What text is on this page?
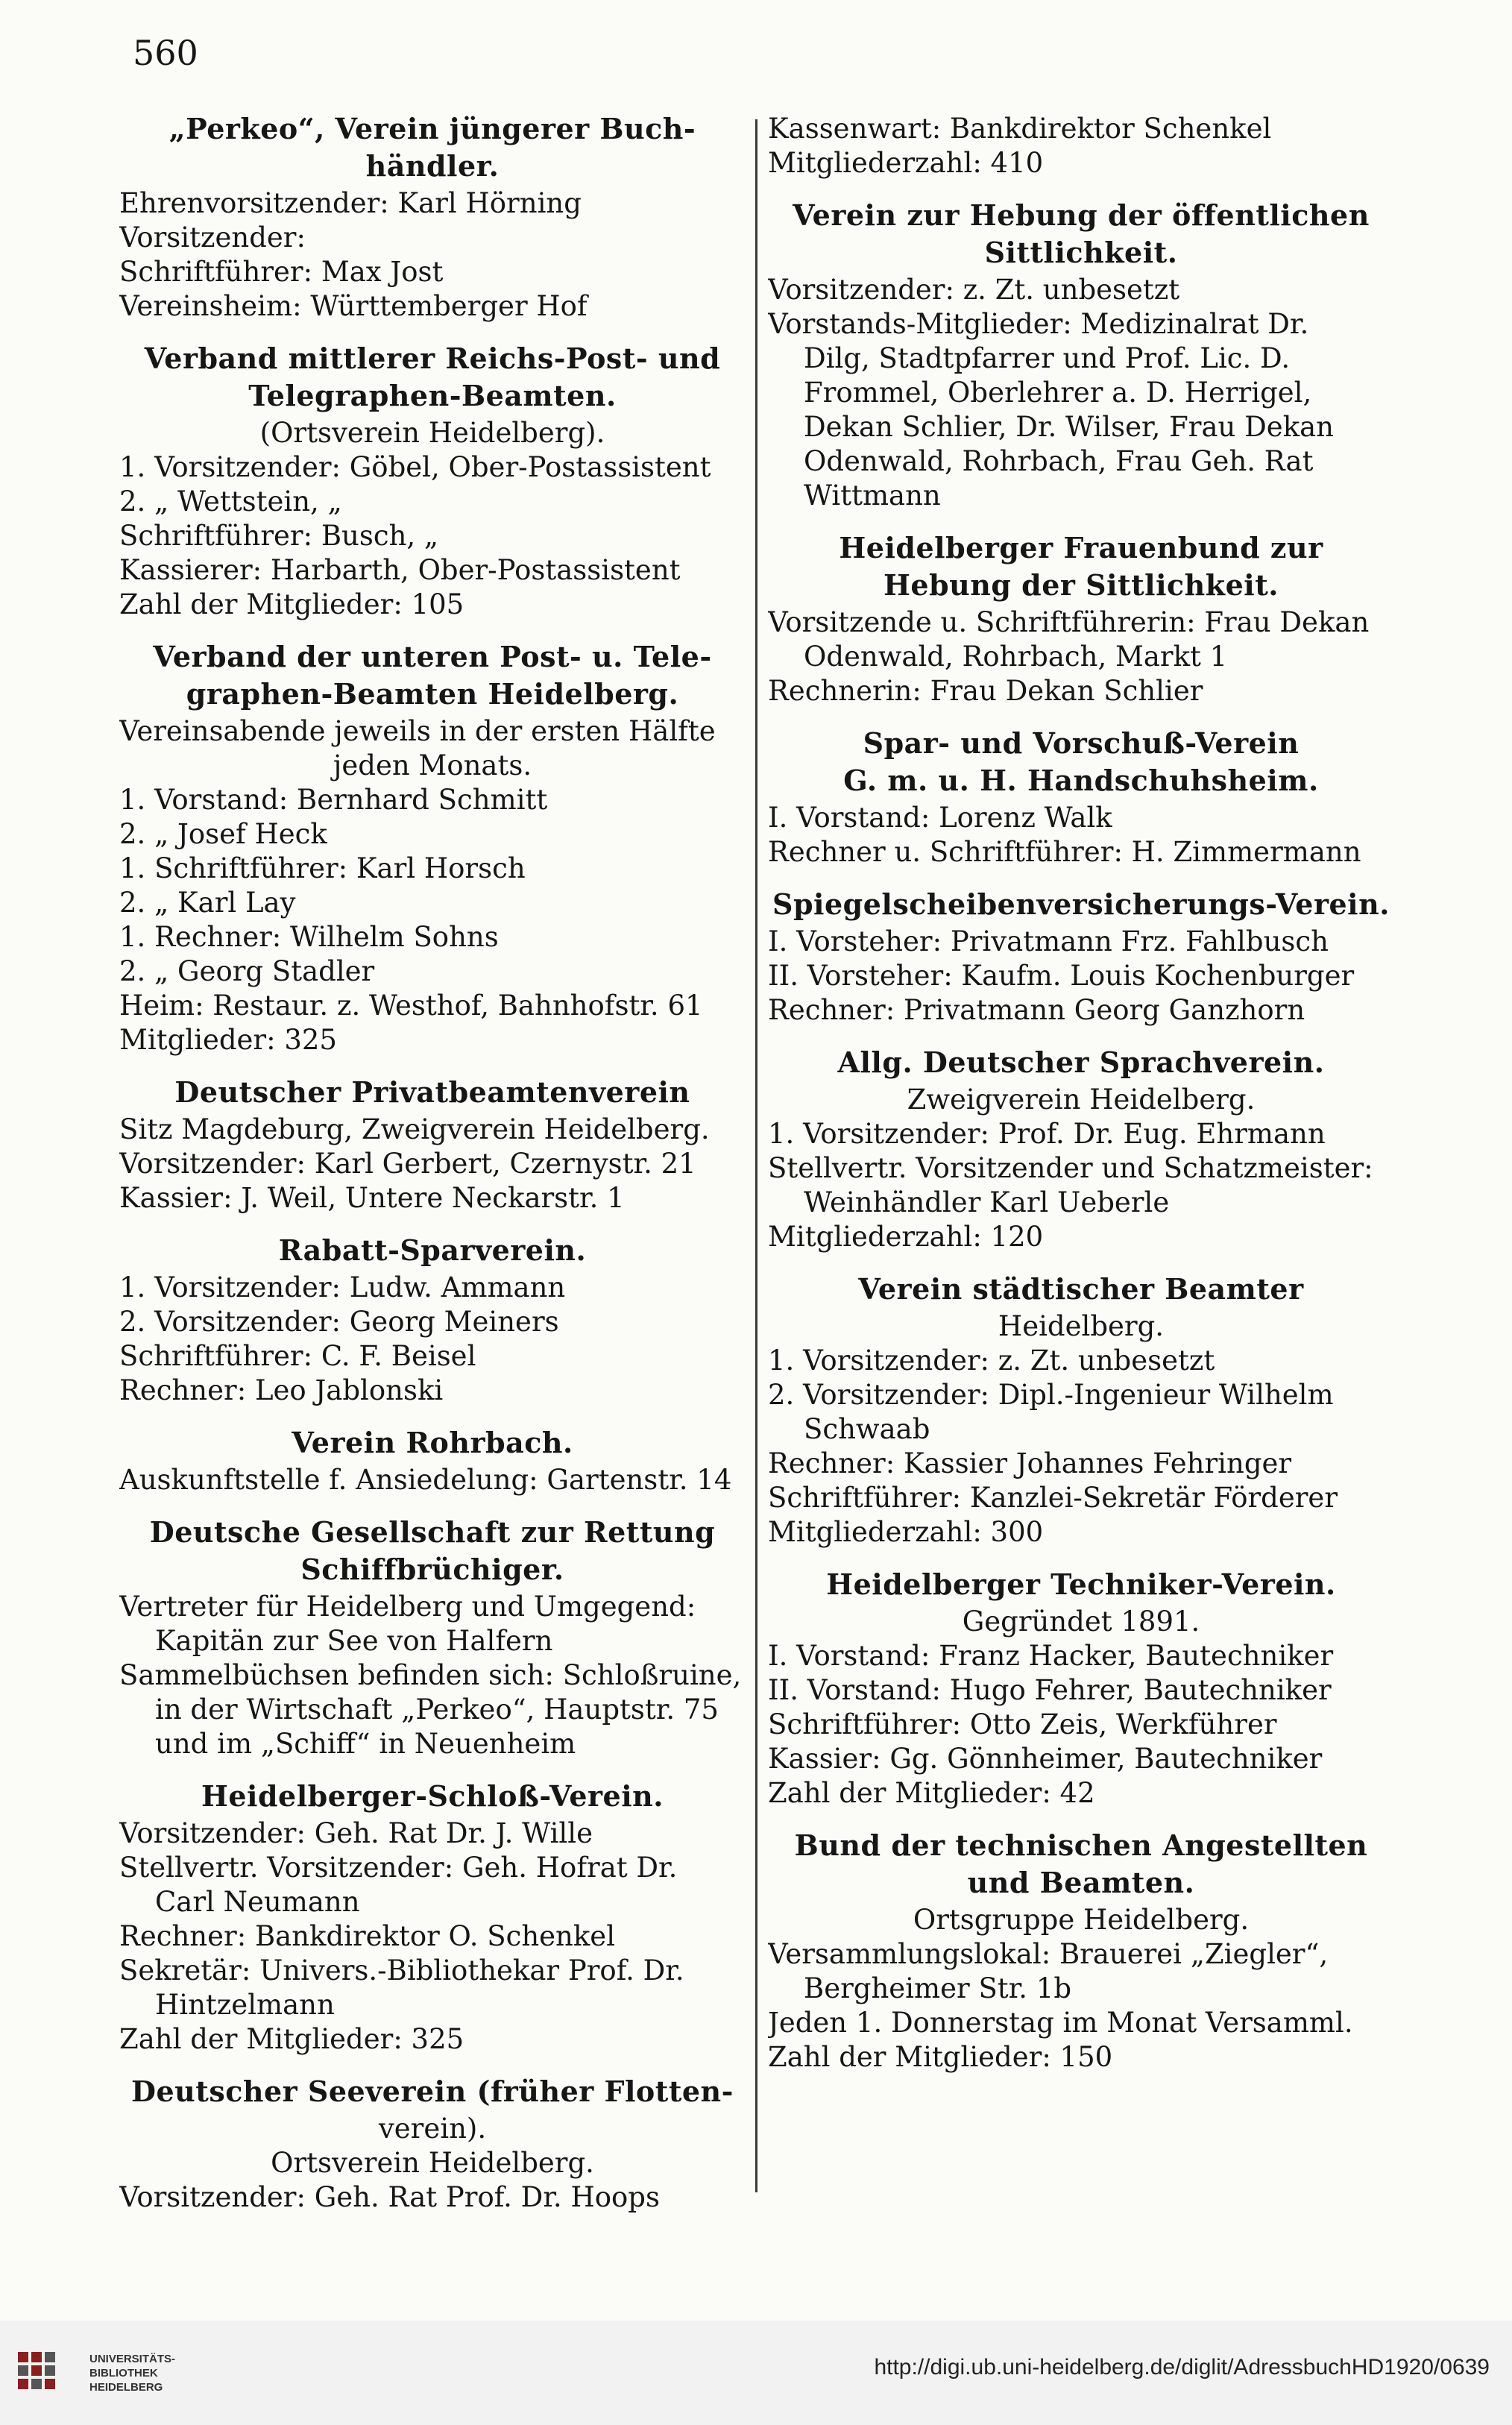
560
„Perkeo“, Verein jüngerer Buch-
händler.
Ehrenvorsitzender: Karl Hörning
Vorsitzender:
Schriftführer: Max Jost
Vereinsheim: Württemberger Hof
Verband mittlerer Reichs-Post- und
Telegraphen-Beamten.
(Ortsverein Heidelberg).
1. Vorsitzender: Göbel, Ober-Postassistent
2. „ Wettstein, „
Schriftführer: Busch, „
Kassierer: Harbarth, Ober-Postassistent
Zahl der Mitglieder: 105
Verband der unteren Post- u. Tele-
graphen-Beamten Heidelberg.
Vereinsabende jeweils in der ersten Hälfte
jeden Monats.
1. Vorstand: Bernhard Schmitt
2. „ Josef Heck
1. Schriftführer: Karl Horsch
2. „ Karl Lay
1. Rechner: Wilhelm Sohns
2. „ Georg Stadler
Heim: Restaur. z. Westhof, Bahnhofstr. 61
Mitglieder: 325
Deutscher Privatbeamtenverein
Sitz Magdeburg, Zweigverein Heidelberg.
Vorsitzender: Karl Gerbert, Czernystr. 21
Kassier: J. Weil, Untere Neckarstr. 1
Rabatt-Sparverein.
1. Vorsitzender: Ludw. Ammann
2. Vorsitzender: Georg Meiners
Schriftführer: C. F. Beisel
Rechner: Leo Jablonski
Verein Rohrbach.
Auskunftstelle f. Ansiedelung: Gartenstr. 14
Deutsche Gesellschaft zur Rettung
Schiffbrüchiger.
Vertreter für Heidelberg und Umgegend:
Kapitän zur See von Halfern
Sammelbüchsen befinden sich: Schloßruine,
in der Wirtschaft „Perkeo“, Hauptstr. 75
und im „Schiff“ in Neuenheim
Heidelberger-Schloß-Verein.
Vorsitzender: Geh. Rat Dr. J. Wille
Stellvertr. Vorsitzender: Geh. Hofrat Dr.
Carl Neumann
Rechner: Bankdirektor O. Schenkel
Sekretär: Univers.-Bibliothekar Prof. Dr.
Hintzelmann
Zahl der Mitglieder: 325
Deutscher Seeverein (früher Flotten-
verein).
Ortsverein Heidelberg.
Vorsitzender: Geh. Rat Prof. Dr. Hoops
Kassenwart: Bankdirektor Schenkel
Mitgliederzahl: 410
Verein zur Hebung der öffentlichen
Sittlichkeit.
Vorsitzender: z. Zt. unbesetzt
Vorstands-Mitglieder: Medizinalrat Dr.
Dilg, Stadtpfarrer und Prof. Lic. D.
Frommel, Oberlehrer a. D. Herrigel,
Dekan Schlier, Dr. Wilser, Frau Dekan
Odenwald, Rohrbach, Frau Geh. Rat
Wittmann
Heidelberger Frauenbund zur
Hebung der Sittlichkeit.
Vorsitzende u. Schriftführerin: Frau Dekan
Odenwald, Rohrbach, Markt 1
Rechnerin: Frau Dekan Schlier
Spar- und Vorschuß-Verein
G. m. u. H. Handschuhsheim.
I. Vorstand: Lorenz Walk
Rechner u. Schriftführer: H. Zimmermann
Spiegelscheibenversicherungs-Verein.
I. Vorsteher: Privatmann Frz. Fahlbusch
II. Vorsteher: Kaufm. Louis Kochenburger
Rechner: Privatmann Georg Ganzhorn
Allg. Deutscher Sprachverein.
Zweigverein Heidelberg.
1. Vorsitzender: Prof. Dr. Eug. Ehrmann
Stellvertr. Vorsitzender und Schatzmeister:
Weinhändler Karl Ueberle
Mitgliederzahl: 120
Verein städtischer Beamter
Heidelberg.
1. Vorsitzender: z. Zt. unbesetzt
2. Vorsitzender: Dipl.-Ingenieur Wilhelm
Schwaab
Rechner: Kassier Johannes Fehringer
Schriftführer: Kanzlei-Sekretär Förderer
Mitgliederzahl: 300
Heidelberger Techniker-Verein.
Gegründet 1891.
I. Vorstand: Franz Hacker, Bautechniker
II. Vorstand: Hugo Fehrer, Bautechniker
Schriftführer: Otto Zeis, Werkführer
Kassier: Gg. Gönnheimer, Bautechniker
Zahl der Mitglieder: 42
Bund der technischen Angestellten
und Beamten.
Ortsgruppe Heidelberg.
Versammlungslokal: Brauerei „Ziegler“,
Bergheimer Str. 1b
Jeden 1. Donnerstag im Monat Versamml.
Zahl der Mitglieder: 150
UNIVERSITÄTS-
BIBLIOTHEK
HEIDELBERG
http://digi.ub.uni-heidelberg.de/diglit/AdressbuchHD1920/0639
